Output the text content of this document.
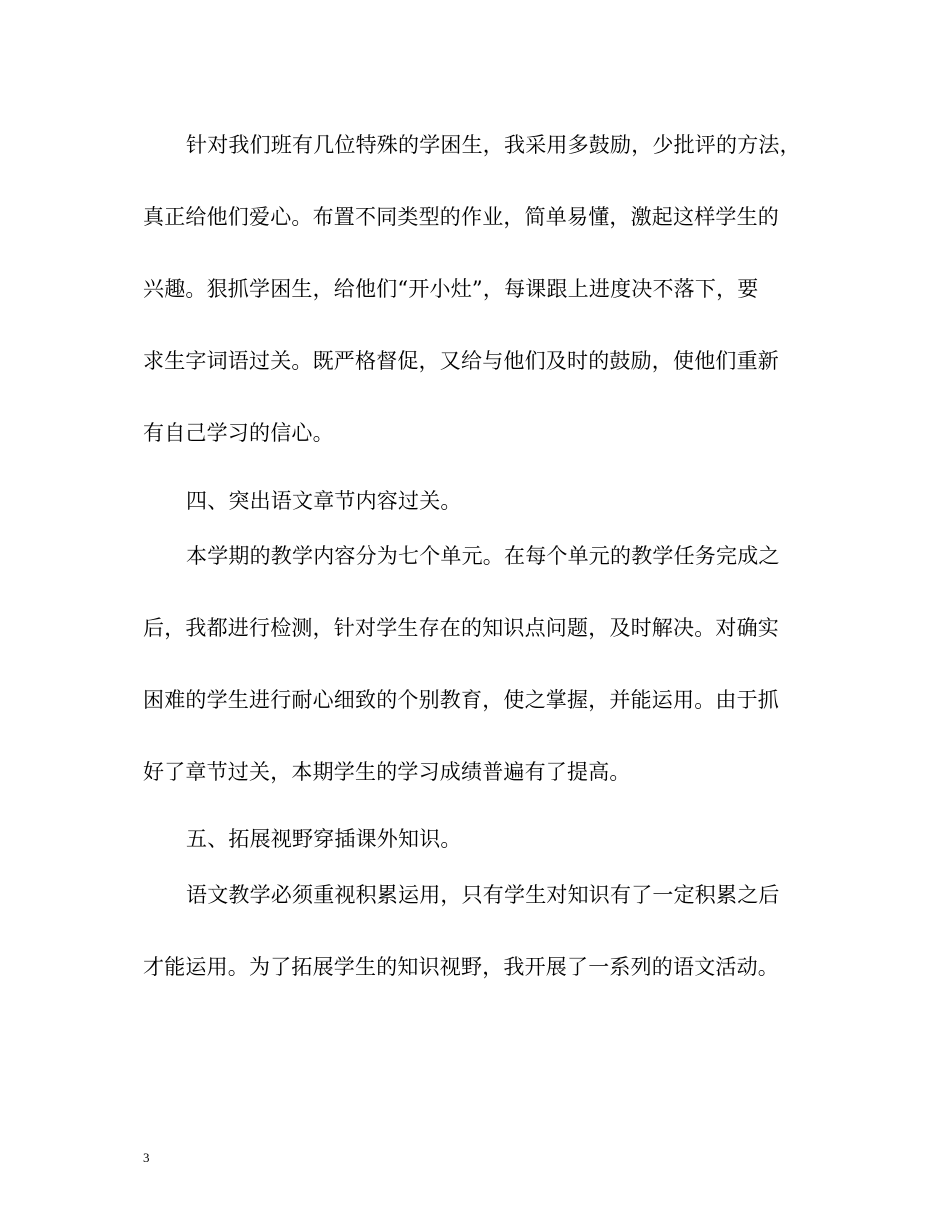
针对我们班有几位特殊的学困生，我采用多鼓励，少批评的方法，
真正给他们爱心。布置不同类型的作业，简单易懂，激起这样学生的
兴趣。狠抓学困生，给他们“开小灶”，每课跟上进度决不落下，要
求生字词语过关。既严格督促，又给与他们及时的鼓励，使他们重新
有自己学习的信心。
四、突出语文章节内容过关。
本学期的教学内容分为七个单元。在每个单元的教学任务完成之
后，我都进行检测，针对学生存在的知识点问题，及时解决。对确实
困难的学生进行耐心细致的个别教育，使之掌握，并能运用。由于抓
好了章节过关，本期学生的学习成绩普遍有了提高。
五、拓展视野穿插课外知识。
语文教学必须重视积累运用，只有学生对知识有了一定积累之后
才能运用。为了拓展学生的知识视野，我开展了一系列的语文活动。
3
